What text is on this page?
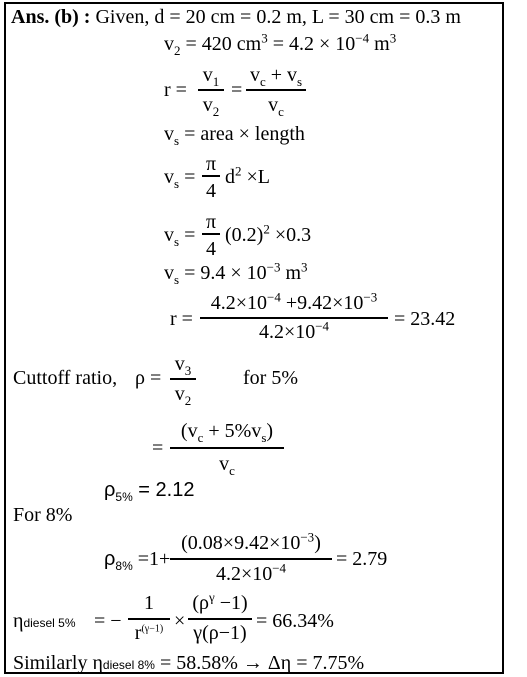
Ans. (b) : Given, d = 20 cm = 0.2 m, L = 30 cm = 0.3 m
$v_2 = 420$ $cm^3 = 4.2 \times 10^{-4}$ $m^3$
r =
$v_1$
$v_2$
=
$v_c + v_s$
$v_c$
$v_s$ = area × length
$v_s$ =
π
4
$d^2 \times L$
$v_s$ =
π
4
$(0.2)^2 \times 0.3$
$v_s = 9.4 \times 10^{-3}$ $m^3$
r =
$4.2\times 10^{-4} +9.42\times 10^{-3}$
$4.2\times 10^{-4}$	= 23.42
Cuttoff ratio, ρ =
$v_3$
$v_2$
for 5%
=
$(v_c + 5\%v_s)$
$v_c$
$\rho_{5\%} = 2.12$
For 8%
$\rho_{8\%} =1+$
$(0.08\times 9.42\times 10^{-3})$
$4.2\times 10^{-4}$	= 2.79
ηdiesel 5% = −
1
$r^{(\gamma-1)}$ ×
$(\rho^\gamma -1)$
γ(ρ−1)
= 66.34%
Similarly ηdiesel 8% = 58.58% → Δη = 7.75%
